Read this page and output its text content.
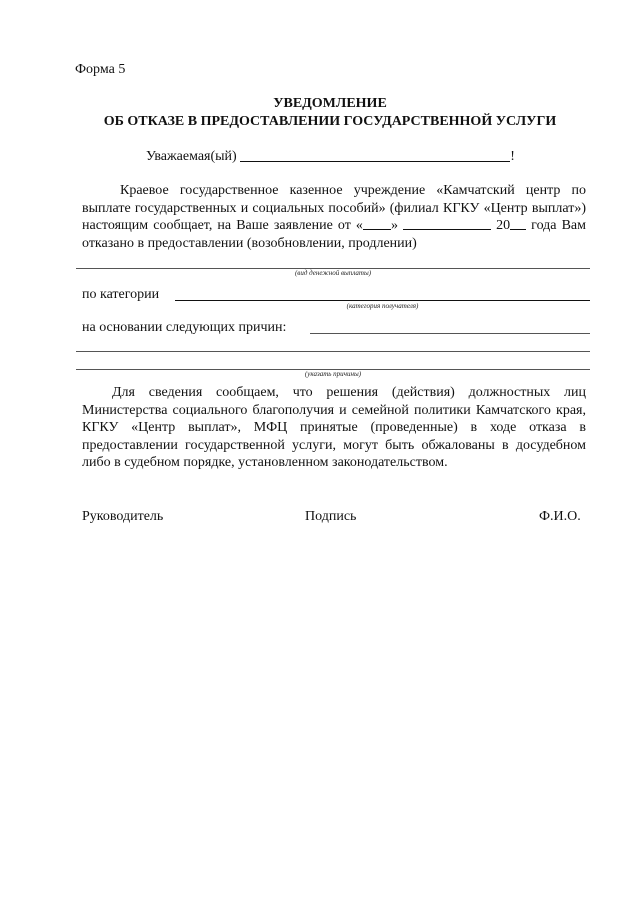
Форма 5

УВЕДОМЛЕНИЕ

ОБ ОТКАЗЕ В ПРЕДОСТАВЛЕНИИ ГОСУДАРСТВЕННОЙ УСЛУГИ

Уважаемая(ый)	!

Краевое государственное казенное учреждение «Камчатский центр по выплате государственных и социальных пособий» (филиал КГКУ «Центр выплат») настоящим сообщает, на Ваше заявление от « »	20 года Вам отказано в предоставлении (возобновлении, продлении)

(вид денежной выплаты)
по категории
(категория получателя)
на основании следующих причин:
(указать причины)

Для сведения сообщаем, что решения (действия) должностных лиц Министерства социального благополучия и семейной политики Камчатского края, КГКУ «Центр выплат», МФЦ принятые (проведенные) в ходе отказа в предоставлении государственной услуги, могут быть обжалованы в досудебном либо в судебном порядке, установленном законодательством.

Руководитель	Подпись	Ф.И.О.
